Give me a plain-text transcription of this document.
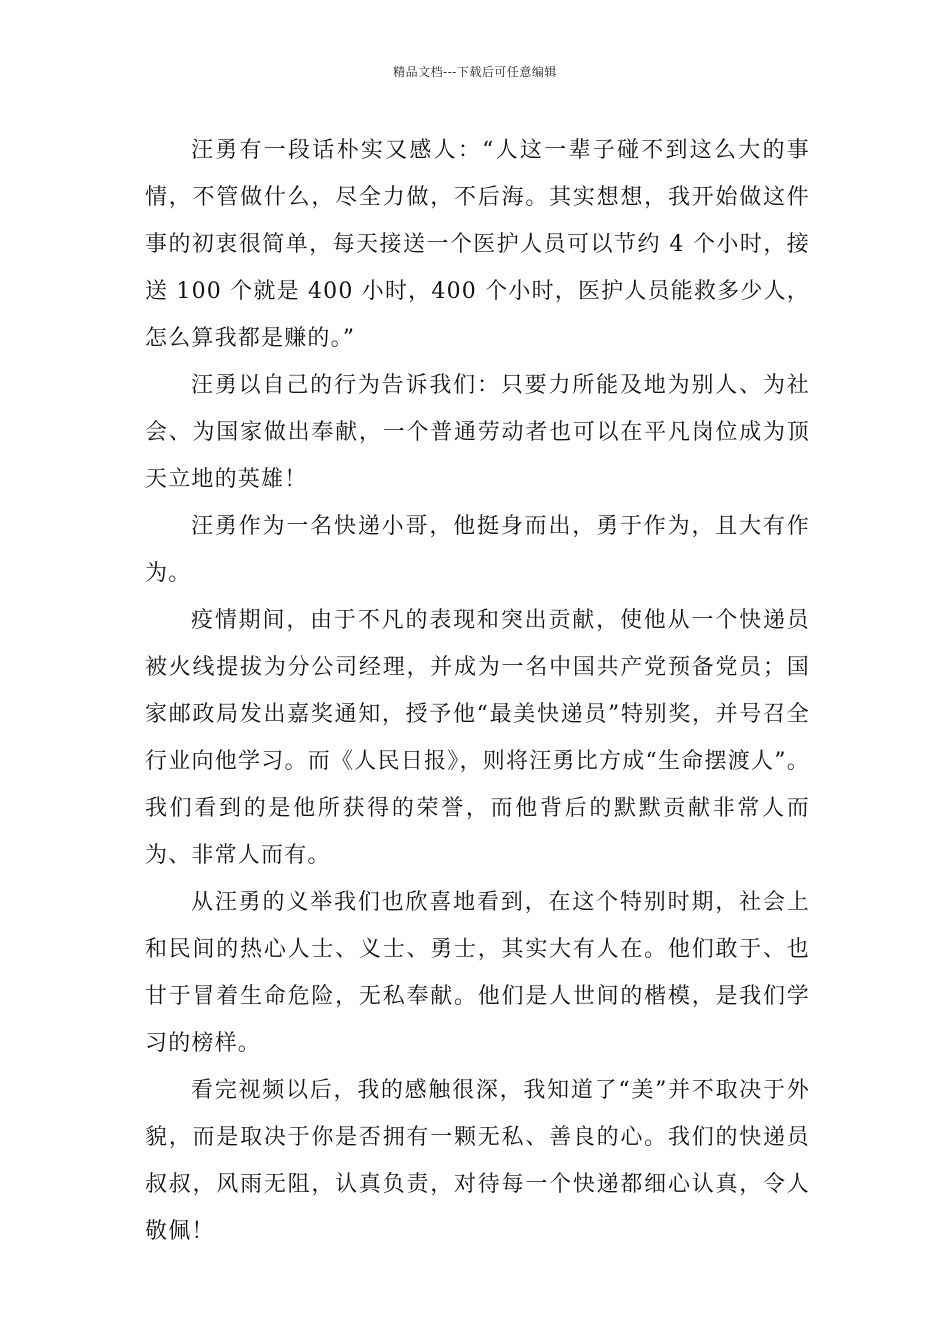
精品文档---下载后可任意编辑

汪勇有一段话朴实又感人：“人这一辈子碰不到这么大的事情，不管做什么，尽全力做，不后海。其实想想，我开始做这件事的初衷很简单，每天接送一个医护人员可以节约 4 个小时，接送 100 个就是 400 小时，400 个小时，医护人员能救多少人，怎么算我都是赚的。”

汪勇以自己的行为告诉我们：只要力所能及地为别人、为社会、为国家做出奉献，一个普通劳动者也可以在平凡岗位成为顶天立地的英雄！

汪勇作为一名快递小哥，他挺身而出，勇于作为，且大有作为。

疫情期间，由于不凡的表现和突出贡献，使他从一个快递员被火线提拔为分公司经理，并成为一名中国共产党预备党员；国家邮政局发出嘉奖通知，授予他“最美快递员”特别奖，并号召全行业向他学习。而《人民日报》，则将汪勇比方成“生命摆渡人”。我们看到的是他所获得的荣誉，而他背后的默默贡献非常人而为、非常人而有。

从汪勇的义举我们也欣喜地看到，在这个特别时期，社会上和民间的热心人士、义士、勇士，其实大有人在。他们敢于、也甘于冒着生命危险，无私奉献。他们是人世间的楷模，是我们学习的榜样。

看完视频以后，我的感触很深，我知道了“美”并不取决于外貌，而是取决于你是否拥有一颗无私、善良的心。我们的快递员叔叔，风雨无阻，认真负责，对待每一个快递都细心认真，令人敬佩！
